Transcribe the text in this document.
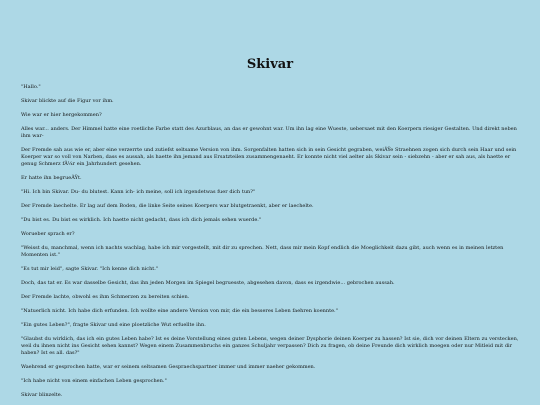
Skivar

"Hallo."

Skivar blickte auf die Figur vor ihm.

Wie war er hier hergekommen?

Alles war... anders. Der Himmel hatte eine roetliche Farbe statt des Azurblaus, an das er gewohnt war. Um ihn lag eine Wueste, uebersaet mit den Koerpern riesiger Gestalten. Und direkt neben ihm war-

Der Fremde sah aus wie er, aber eine verzerrte und zutiefst seltsame Version von ihm. Sorgenfalten hatten sich in sein Gesicht gegraben, weiÃŸe Straehnen zogen sich durch sein Haar und sein Koerper war so voll von Narben, dass es aussah, als haette ihn jemand aus Ersatzteilen zusammengenaeht. Er konnte nicht viel aelter als Skivar sein - siebzehn - aber er sah aus, als haette er genug Schmerz fÃ¼r ein Jahrhundert gesehen.

Er hatte ihn begrueÃŸt.

"Hi. Ich bin Skivar. Du- du blutest. Kann ich- ich meine, soll ich irgendetwas fuer dich tun?"

Der Fremde laechelte. Er lag auf dem Boden, die linke Seite seines Koerpers war blutgetraenkt, aber er laechelte.

"Du bist es. Du bist es wirklich. Ich haette nicht gedacht, dass ich dich jemals sehen wuerde."

Worueber sprach er?

"Weisst du, manchmal, wenn ich nachts wachlag, habe ich mir vorgestellt, mit dir zu sprechen. Nett, dass mir mein Kopf endlich die Moeglichkeit dazu gibt, auch wenn es in meinen letzten Momenten ist."

"Es tut mir leid", sagte Skivar. "Ich kenne dich nicht."

Doch, das tat er. Es war dasselbe Gesicht, das ihn jeden Morgen im Spiegel begruesste, abgesehen davon, dass es irgendwie... gebrochen aussah.

Der Fremde lachte, obwohl es ihm Schmerzen zu bereiten schien.

"Natuerlich nicht. Ich habe dich erfunden. Ich wollte eine andere Version von mir, die ein besseres Leben faehren koennte."

"Ein gutes Leben?", fragte Skivar und eine ploetzliche Wut erfuellte ihn.

"Glaubst du wirklich, das ich ein gutes Leben habe? Ist es deine Vorstellung eines guten Lebens, wegen deiner Dysphorie deinen Koerper zu hassen? Ist sie, dich vor deinen Eltern zu verstecken, weil du ihnen nicht ins Gesicht sehen kannst? Wegen einem Zusammenbruchs ein ganzes Schuljahr verpassen? Dich zu fragen, ob deine Freunde dich wirklich moegen oder nur Mitleid mit dir haben? Ist es all. das?"

Waehrend er gesprochen hatte, war er seinem seltsamen Gespraechspartner immer und immer naeher gekommen.

"Ich habe nicht von einem einfachen Leben gesprochen."

Skivar blinzelte.
